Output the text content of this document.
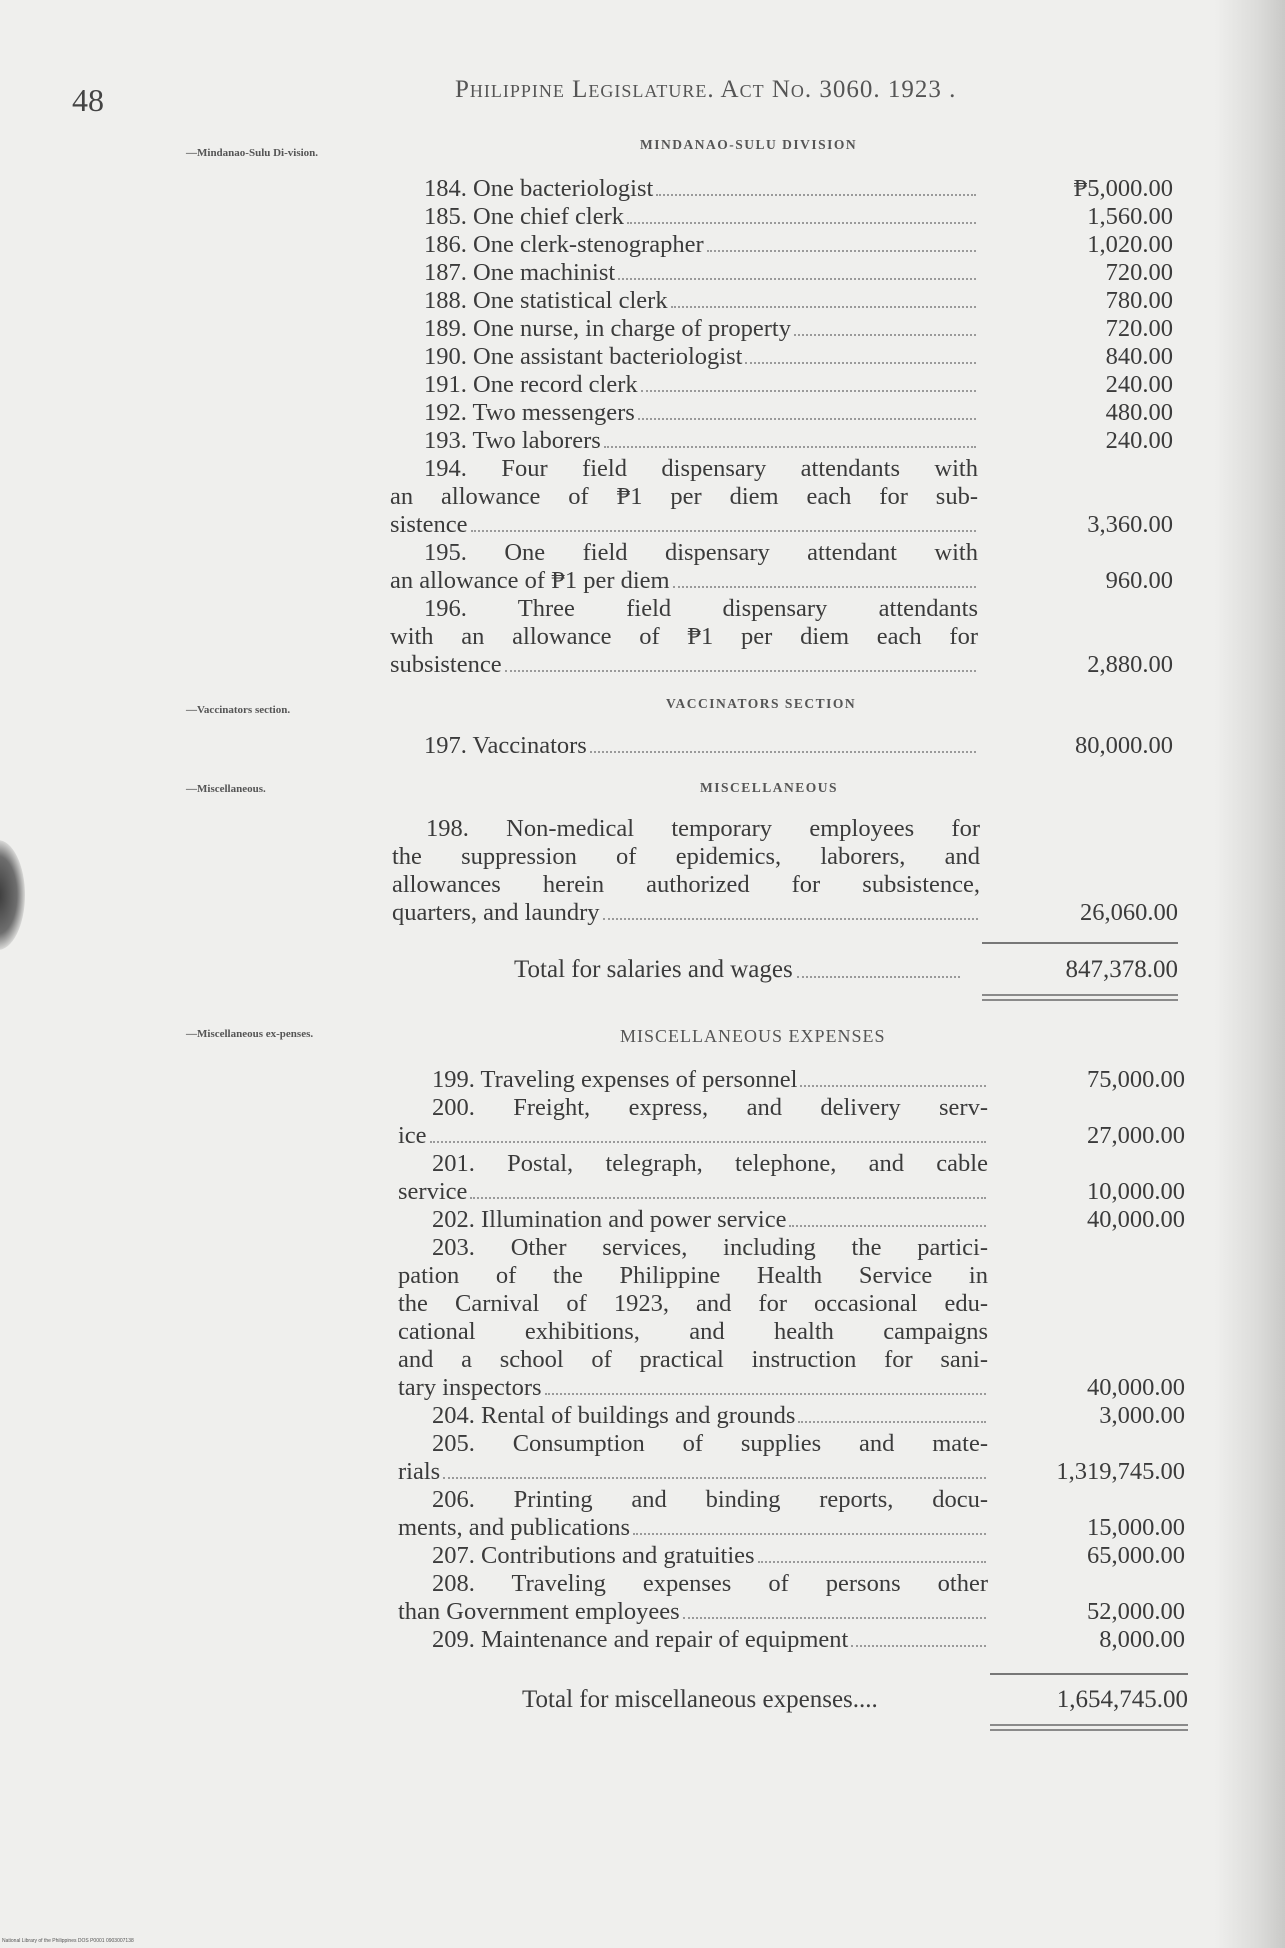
48	Philippine Legislature. Act No. 3060. 1923 .
—Mindanao-Sulu Di-vision.
MINDANAO-SULU DIVISION
184. One bacteriologist	₱5,000.00
185. One chief clerk	1,560.00
186. One clerk-stenographer	1,020.00
187. One machinist	720.00
188. One statistical clerk	780.00
189. One nurse, in charge of property	720.00
190. One assistant bacteriologist	840.00
191. One record clerk	240.00
192. Two messengers	480.00
193. Two laborers	240.00
194. Four field dispensary attendants with
an allowance of ₱1 per diem each for sub-
sistence	3,360.00
195. One field dispensary attendant with
an allowance of ₱1 per diem	960.00
196. Three field dispensary attendants
with an allowance of ₱1 per diem each for
subsistence	2,880.00
—Vaccinators section.	VACCINATORS SECTION
197. Vaccinators	80,000.00
—Miscellaneous.	MISCELLANEOUS
198. Non-medical temporary employees for
the suppression of epidemics, laborers, and
allowances herein authorized for subsistence,
quarters, and laundry	26,060.00
Total for salaries and wages	847,378.00
—Miscellaneous ex-penses.	MISCELLANEOUS EXPENSES
199. Traveling expenses of personnel	75,000.00
200. Freight, express, and delivery serv-
ice	27,000.00
201. Postal, telegraph, telephone, and cable
service	10,000.00
202. Illumination and power service	40,000.00
203. Other services, including the partici-
pation of the Philippine Health Service in
the Carnival of 1923, and for occasional edu-
cational exhibitions, and health campaigns
and a school of practical instruction for sani-
tary inspectors	40,000.00
204. Rental of buildings and grounds	3,000.00
205. Consumption of supplies and mate-
rials	1,319,745.00
206. Printing and binding reports, docu-
ments, and publications	15,000.00
207. Contributions and gratuities	65,000.00
208. Traveling expenses of persons other
than Government employees	52,000.00
209. Maintenance and repair of equipment	8,000.00
Total for miscellaneous expenses....	1,654,745.00
National Library of the Philippines DOS P0001 0903007138
